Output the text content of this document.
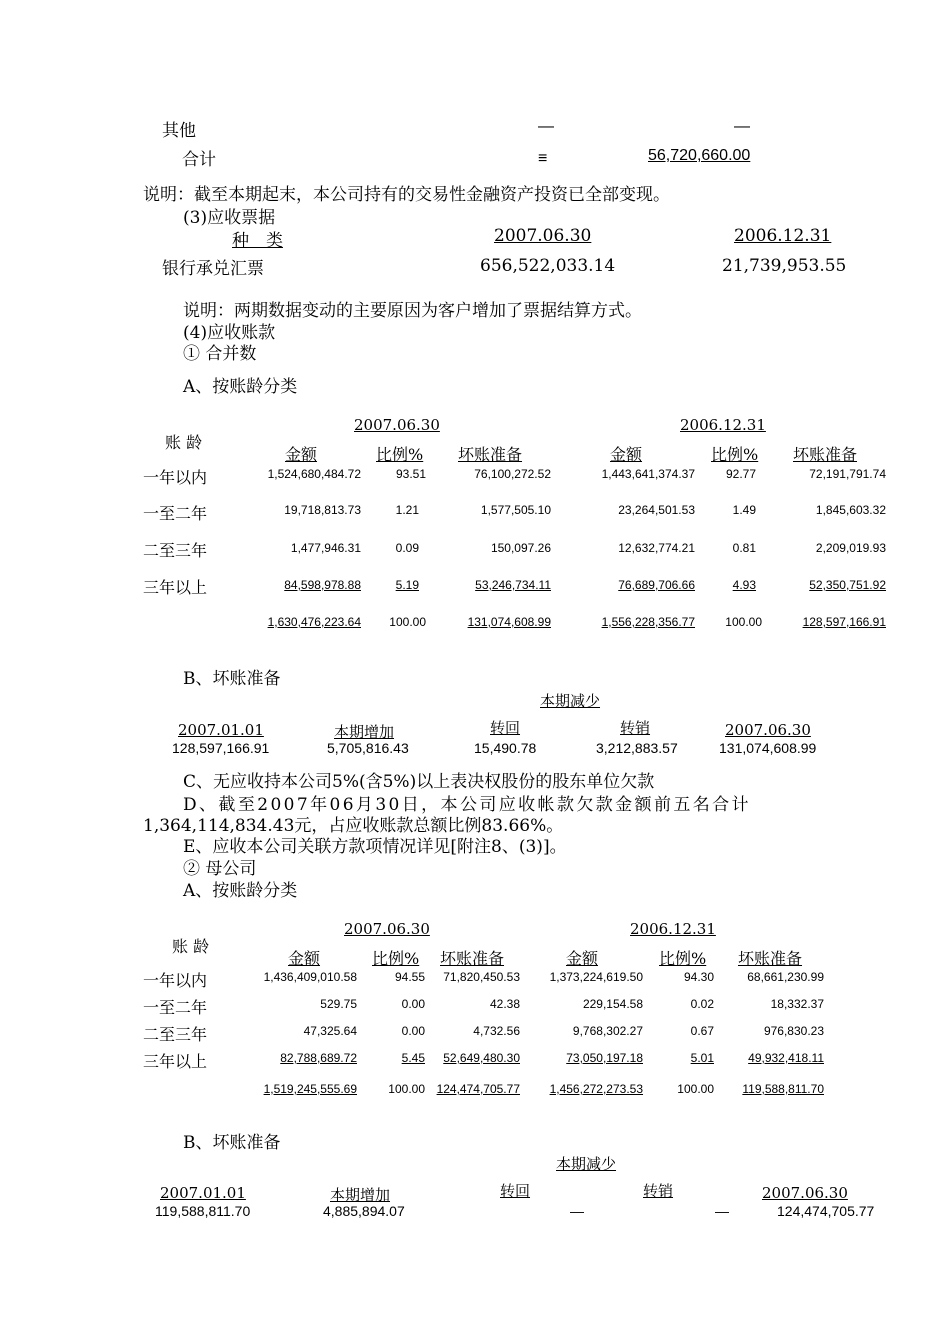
其他	—	—
合计	≡	56,720,660.00
说明：截至本期起末，本公司持有的交易性金融资产投资已全部变现。
(3)应收票据
种　类	2007.06.30	2006.12.31
银行承兑汇票	656,522,033.14	21,739,953.55
说明：两期数据变动的主要原因为客户增加了票据结算方式。
(4)应收账款
① 合并数
A、按账龄分类
账 龄
2007.06.30	2006.12.31
金额	比例% 坏账准备	金额	比例% 坏账准备
一年以内	1,524,680,484.72	93.51	76,100,272.52	1,443,641,374.37	92.77	72,191,791.74
一至二年	19,718,813.73	1.21	1,577,505.10	23,264,501.53	1.49	1,845,603.32
二至三年	1,477,946.31	0.09	150,097.26	12,632,774.21	0.81	2,209,019.93
三年以上	84,598,978.88	5.19	53,246,734.11	76,689,706.66	4.93	52,350,751.92
1,630,476,223.64	100.00	131,074,608.99	1,556,228,356.77	100.00	128,597,166.91
B、坏账准备
本期减少
2007.01.01	本期增加	转回	转销	2007.06.30
128,597,166.91	5,705,816.43	15,490.78	3,212,883.57	131,074,608.99
C、无应收持本公司5%(含5%)以上表决权股份的股东单位欠款
D、截至2007年06月30日，本公司应收帐款欠款金额前五名合计
1,364,114,834.43元，占应收账款总额比例83.66%。
E、应收本公司关联方款项情况详见[附注8、(3)]。
② 母公司
A、按账龄分类
账 龄
2007.06.30	2006.12.31
金额	比例% 坏账准备	金额	比例% 坏账准备
一年以内	1,436,409,010.58	94.55	71,820,450.53	1,373,224,619.50	94.30	68,661,230.99
一至二年	529.75	0.00	42.38	229,154.58	0.02	18,332.37
二至三年	47,325.64	0.00	4,732.56	9,768,302.27	0.67	976,830.23
三年以上	82,788,689.72	5.45	52,649,480.30	73,050,197.18	5.01	49,932,418.11
1,519,245,555.69	100.00 124,474,705.77	1,456,272,273.53	100.00	119,588,811.70
B、坏账准备
本期减少
2007.01.01	本期增加	转回	转销	2007.06.30
119,588,811.70	4,885,894.07	—	—	124,474,705.77
